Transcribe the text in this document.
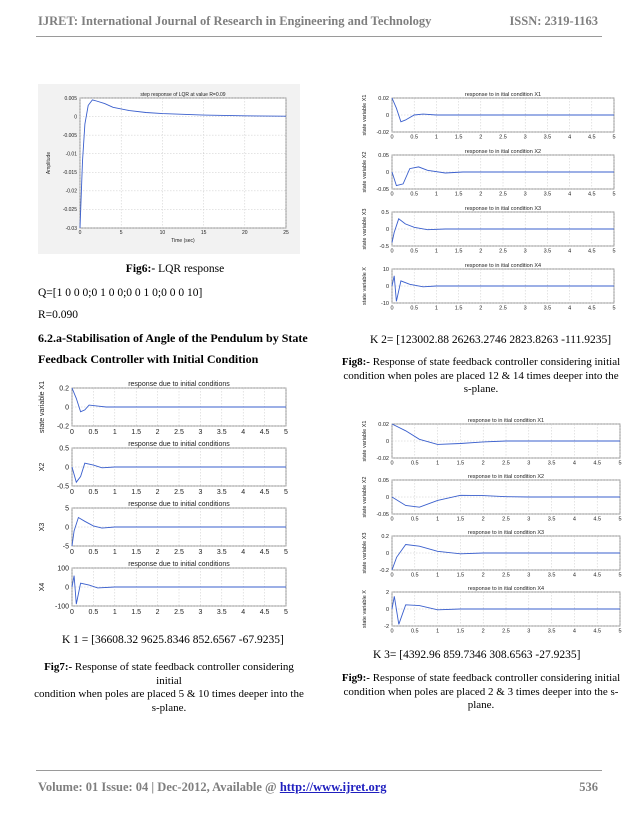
IJRET: International Journal of Research in Engineering and Technology	ISSN: 2319-1163
0	5	10	15	20	25
0.005
0
-0.005
-0.01
-0.015
-0.02
-0.025
-0.03
step response of LQR at value R=0.09
Amplitude
Time (sec)
Fig6:- LQR response
Q=[1 0 0 0;0 1 0 0;0 0 1 0;0 0 0 10]
R=0.090
6.2.a-Stabilisation of Angle of the Pendulum by State
Feedback Controller with Initial Condition
0 0.5 1 1.5 2 2.5 3 3.5 4 4.5 5
0.2
0
-0.2
response due to initial conditions
state variable X1
0 0.5 1 1.5 2 2.5 3 3.5 4 4.5 5
0.5
0
-0.5
response due to initial conditions
X2
0 0.5 1 1.5 2 2.5 3 3.5 4 4.5 5
5
0
-5
response due to initial conditions
X3
0 0.5 1 1.5 2 2.5 3 3.5 4 4.5 5
100
0
-100
response due to initial conditions
X4
K 1 = [36608.32 9625.8346 852.6567 -67.9235]
Fig7:- Response of state feedback controller considering initial
condition when poles are placed 5 & 10 times deeper into the
s-plane.
0	0.5	1	1.5	2	2.5	3	3.5	4	4.5	5
0.02
0
-0.02
response to in itial condition X1
state variable X1
0	0.5	1	1.5	2	2.5	3	3.5	4	4.5	5
0.05
0
-0.05
response to in itial condition X2
state variable X2
0	0.5	1	1.5	2	2.5	3	3.5	4	4.5	5
0.5
0
-0.5
response to in itial condition X3
state variable X3
0	0.5	1	1.5	2	2.5	3	3.5	4	4.5	5
10
0
-10
response to in itial condition X4
state variable X
K 2= [123002.88 26263.2746 2823.8263 -111.9235]
Fig8:- Response of state feedback controller considering initial
condition when poles are placed 12 & 14 times deeper into the
s-plane.
0	0.5	1	1.5	2	2.5	3	3.5	4	4.5	5
0.02
0
-0.02
response to in itial condition X1
state variable X1
0	0.5	1	1.5	2	2.5	3	3.5	4	4.5	5
0.05
0
-0.05
response to in itial condition X2
state variable X2
0	0.5	1	1.5	2	2.5	3	3.5	4	4.5	5
0.2
0
-0.2
response to in itial condition X3
state variable X3
0	0.5	1	1.5	2	2.5	3	3.5	4	4.5	5
2
0
-2
response to in itial condition X4
state variable X
K 3= [4392.96 859.7346 308.6563 -27.9235]
Fig9:- Response of state feedback controller considering initial
condition when poles are placed 2 & 3 times deeper into the s-
plane.
Volume: 01 Issue: 04 | Dec-2012, Available @ http://www.ijret.org	536
